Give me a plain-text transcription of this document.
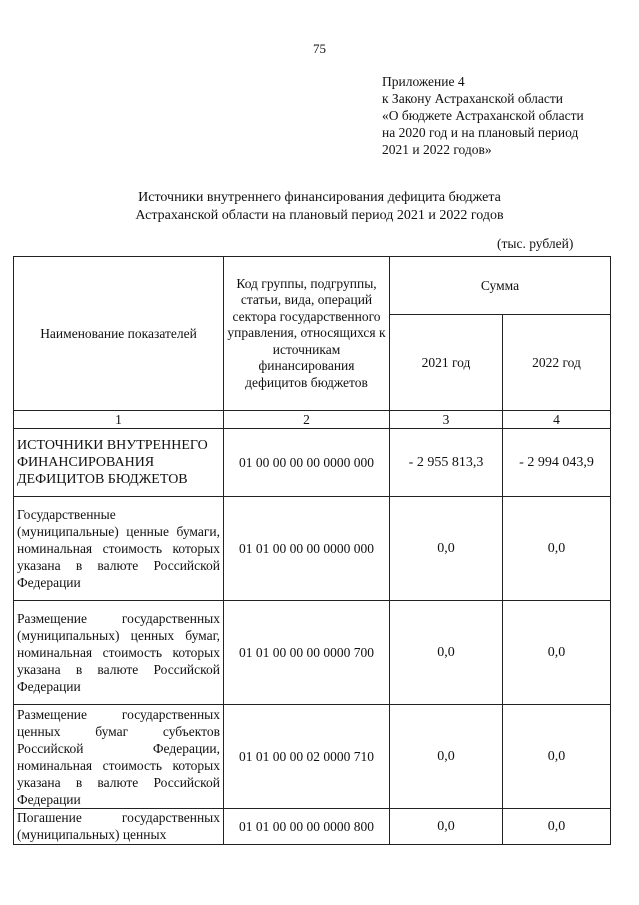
75
Приложение 4
к Закону Астраханской области
«О бюджете Астраханской области
на 2020 год и на плановый период
2021 и 2022 годов»
Источники внутреннего финансирования дефицита бюджета
Астраханской области на плановый период 2021 и 2022 годов
(тыс. рублей)
Наименование показателей	Код группы, подгруппы, статьи, вида, операций сектора государственного управления, относящихся к источникам финансирования дефицитов бюджетов	Сумма	
		2021 год	2022 год
1	2	3	4
ИСТОЧНИКИ ВНУТРЕННЕГО ФИНАНСИРОВАНИЯ ДЕФИЦИТОВ БЮДЖЕТОВ	01 00 00 00 00 0000 000	- 2 955 813,3	- 2 994 043,9
Государственные (муниципальные) ценные бумаги, номинальная стоимость которых указана в валюте Российской Федерации	01 01 00 00 00 0000 000	0,0	0,0
Размещение государственных (муниципальных) ценных бумаг, номинальная стоимость которых указана в валюте Российской Федерации	01 01 00 00 00 0000 700	0,0	0,0
Размещение государственных ценных бумаг субъектов Российской Федерации, номинальная стоимость которых указана в валюте Российской Федерации	01 01 00 00 02 0000 710	0,0	0,0

Погашение государственных (муниципальных) ценных	01 01 00 00 00 0000 800	0,0	0,0
